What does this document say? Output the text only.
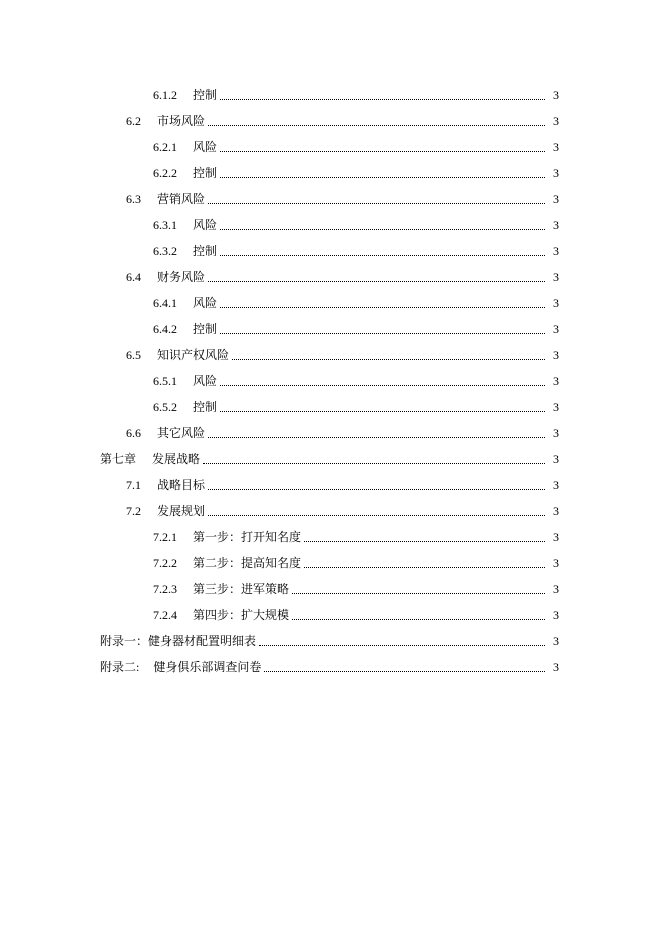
6.1.2	控制	3
6.2	市场风险	3
6.2.1	风险	3
6.2.2	控制	3
6.3	营销风险	3
6.3.1	风险	3
6.3.2	控制	3
6.4	财务风险	3
6.4.1	风险	3
6.4.2	控制	3
6.5	知识产权风险	3
6.5.1	风险	3
6.5.2	控制	3
6.6	其它风险	3
第七章	发展战略	3
7.1	战略目标	3
7.2	发展规划	3
7.2.1	第一步：打开知名度	3
7.2.2	第二步：提高知名度	3
7.2.3	第三步：进军策略	3
7.2.4	第四步：扩大规模	3
附录一： 健身器材配置明细表	3
附录二: 健身俱乐部调查问卷	3
